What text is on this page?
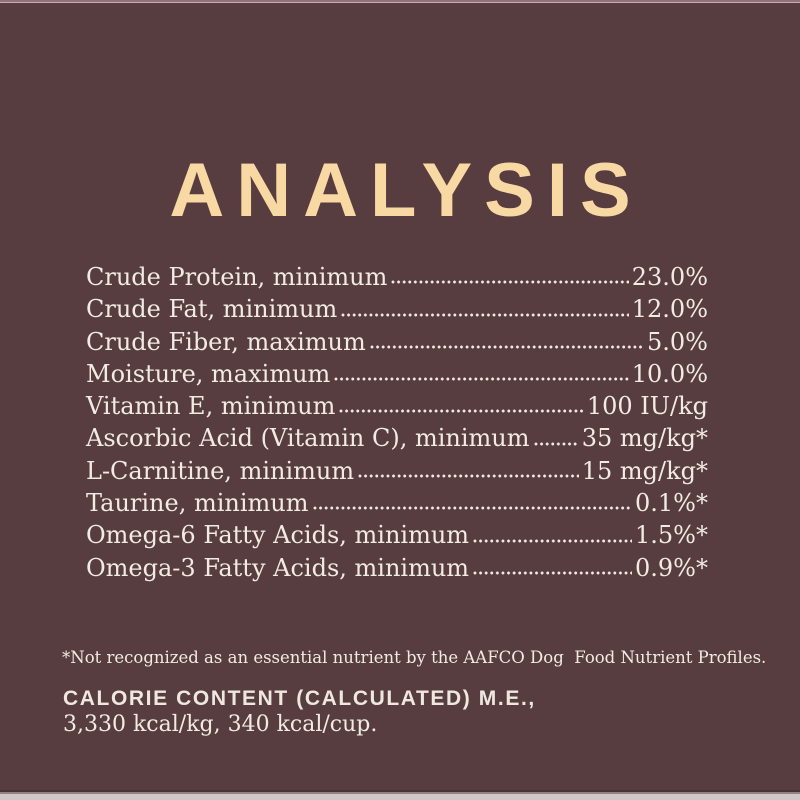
ANALYSIS
Crude Protein, minimum	23.0%
Crude Fat, minimum	12.0%
Crude Fiber, maximum	5.0%
Moisture, maximum	10.0%
Vitamin E, minimum	100 IU/kg
Ascorbic Acid (Vitamin C), minimum 35 mg/kg*
L-Carnitine, minimum	15 mg/kg*
Taurine, minimum	0.1%*
Omega-6 Fatty Acids, minimum	1.5%*
Omega-3 Fatty Acids, minimum	0.9%*
*Not recognized as an essential nutrient by the AAFCO Dog  Food Nutrient Profiles.
CALORIE CONTENT (CALCULATED) M.E.,
3,330 kcal/kg, 340 kcal/cup.
